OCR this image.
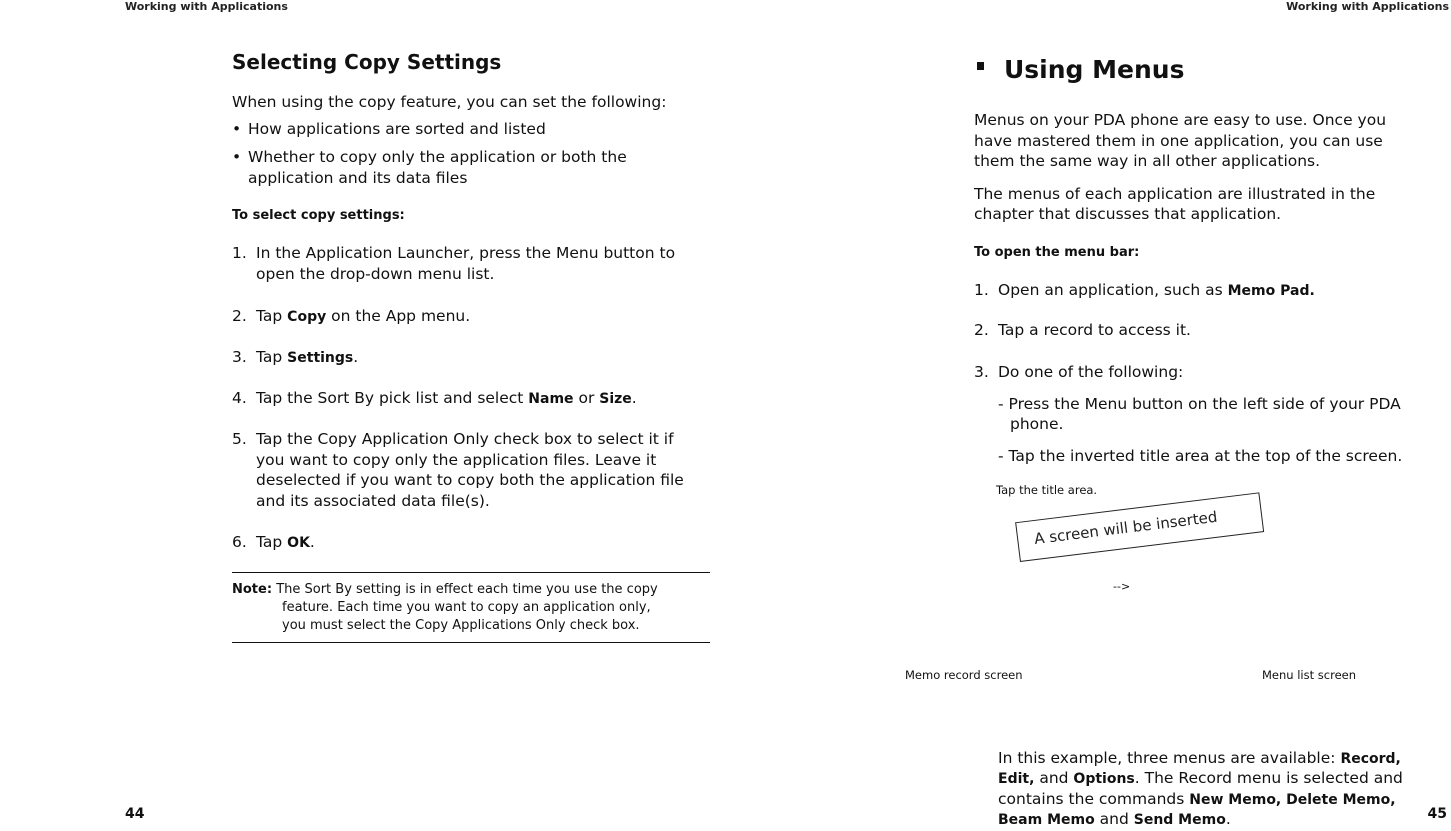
Working with Applications
Selecting Copy Settings
When using the copy feature, you can set the following:
• How applications are sorted and listed
• Whether to copy only the application or both the
application and its data files
To select copy settings:
1. In the Application Launcher, press the Menu button to
open the drop-down menu list.
2. Tap Copy on the App menu.
3. Tap Settings.
4. Tap the Sort By pick list and select Name or Size.
5. Tap the Copy Application Only check box to select it if
you want to copy only the application files. Leave it
deselected if you want to copy both the application file
and its associated data file(s).
6. Tap OK.
Note: The Sort By setting is in effect each time you use the copy
feature. Each time you want to copy an application only,
you must select the Copy Applications Only check box.
44
Working with Applications
Using Menus
Menus on your PDA phone are easy to use. Once you
have mastered them in one application, you can use
them the same way in all other applications.
The menus of each application are illustrated in the
chapter that discusses that application.
To open the menu bar:
1. Open an application, such as Memo Pad.
2. Tap a record to access it.
3. Do one of the following:
- Press the Menu button on the left side of your PDA
phone.
- Tap the inverted title area at the top of the screen.
Tap the title area.
A screen will be inserted
-->
Memo record screen	Menu list screen
In this example, three menus are available: Record,
Edit, and Options. The Record menu is selected and
contains the commands New Memo, Delete Memo,
Beam Memo and Send Memo.	45
